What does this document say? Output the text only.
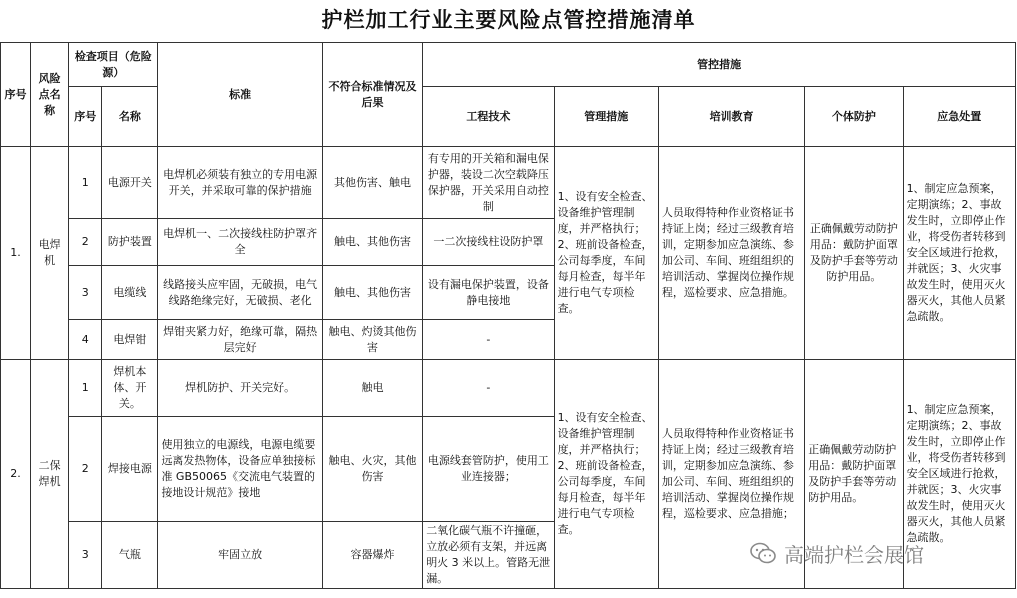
护栏加工行业主要风险点管控措施清单
序号	风险点名称	检查项目（危险源）		标准	不符合标准情况及后果	管控措施				
		序号	名称			工程技术	管理措施	培训教育	个体防护	应急处置
1.	电焊机	1	电源开关	电焊机必须装有独立的专用电源开关，并采取可靠的保护措施	其他伤害、触电	有专用的开关箱和漏电保护器，装设二次空载降压保护器，开关采用自动控制	1、设有安全检查、设备维护管理制度，并严格执行；2、班前设备检查，公司每季度，车间每月检查，每半年进行电气专项检查。	人员取得特种作业资格证书持证上岗；经过三级教育培训，定期参加应急演练、参加公司、车间、班组组织的培训活动、掌握岗位操作规程，巡检要求、应急措施。	正确佩戴劳动防护用品：戴防护面罩及防护手套等劳动防护用品。	1、制定应急预案，定期演练；2、事故发生时，立即停止作业，将受伤者转移到安全区域进行抢救，并就医；3、火灾事故发生时，使用灭火器灭火，其他人员紧急疏散。
		2	防护装置	电焊机一、二次接线柱防护罩齐全	触电、其他伤害	一二次接线柱设防护罩				
		3	电缆线	线路接头应牢固，无破损，电气线路绝缘完好，无破损、老化	触电、其他伤害	设有漏电保护装置，设备静电接地				
		4	电焊钳	焊钳夹紧力好，绝缘可靠，隔热层完好	触电、灼烫其他伤害	-				
2.	二保焊机	1	焊机本体、开关。	焊机防护、开关完好。	触电	-	1、设有安全检查、设备维护管理制度，并严格执行；2、班前设备检查，公司每季度，车间每月检查，每半年进行电气专项检查。	人员取得特种作业资格证书持证上岗；经过三级教育培训，定期参加应急演练、参加公司、车间、班组组织的培训活动、掌握岗位操作规程，巡检要求、应急措施；	正确佩戴劳动防护用品：戴防护面罩及防护手套等劳动防护用品。	1、制定应急预案，定期演练；2、事故发生时，立即停止作业，将受伤者转移到安全区域进行抢救，并就医；3、火灾事故发生时，使用灭火器灭火，其他人员紧急疏散。
		2	焊接电源	使用独立的电源线，电源电缆要远离发热物体，设备应单独接标准 GB50065《交流电气装置的接地设计规范》接地	触电、火灾，其他伤害	电源线套管防护，使用工业连接器；				
		3	气瓶	牢固立放	容器爆炸	二氧化碳气瓶不许撞砸，立放必须有支架，并远离明火 3 米以上。管路无泄漏。				
高端护栏会展馆
